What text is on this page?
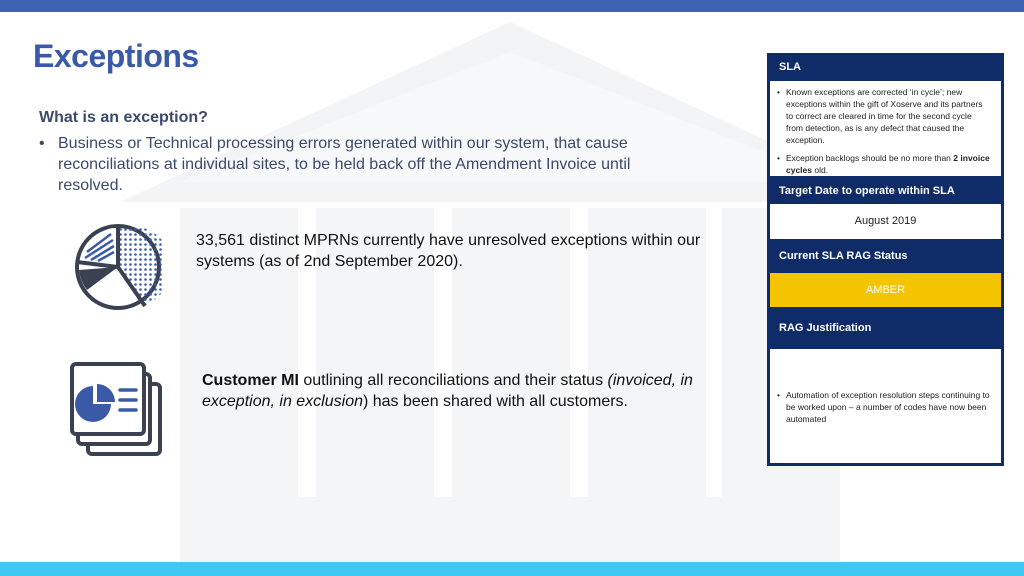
Exceptions
What is an exception?
• Business or Technical processing errors generated within our system, that cause reconciliations at individual sites, to be held back off the Amendment Invoice until resolved.
33,561 distinct MPRNs currently have unresolved exceptions within our systems (as of 2nd September 2020).
Customer MI outlining all reconciliations and their status (invoiced, in exception, in exclusion) has been shared with all customers.
SLA
• Known exceptions are corrected ‘in cycle’; new exceptions within the gift of Xoserve and its partners to correct are cleared in time for the second cycle from detection, as is any defect that caused the exception.
• Exception backlogs should be no more than 2 invoice cycles old.
Target Date to operate within SLA
August 2019
Current SLA RAG Status
AMBER
RAG Justification
• Automation of exception resolution steps continuing to be worked upon – a number of codes have now been automated
